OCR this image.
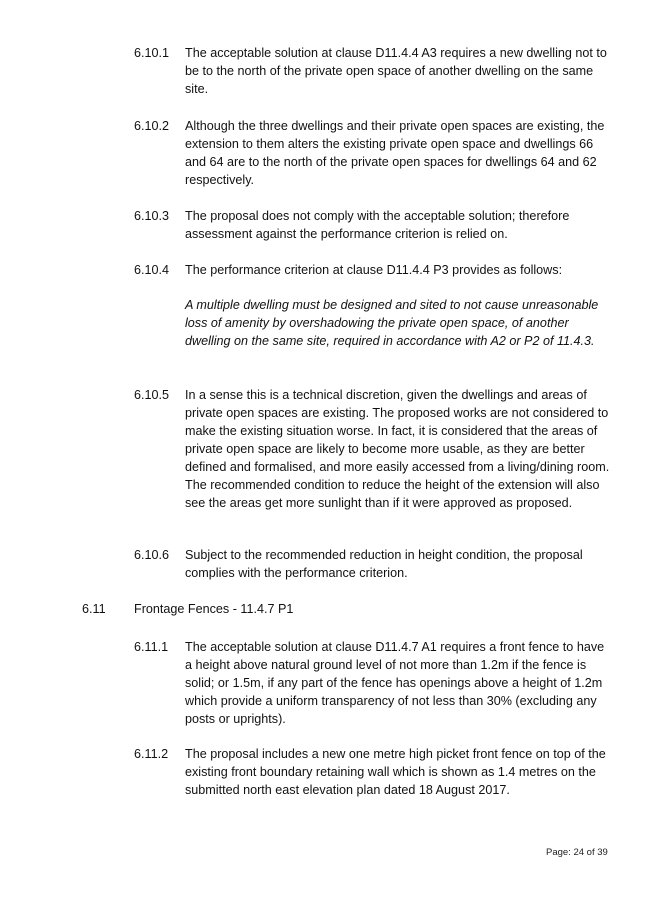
6.10.1 The acceptable solution at clause D11.4.4 A3 requires a new dwelling not to be to the north of the private open space of another dwelling on the same site.
6.10.2 Although the three dwellings and their private open spaces are existing, the extension to them alters the existing private open space and dwellings 66 and 64 are to the north of the private open spaces for dwellings 64 and 62 respectively.
6.10.3 The proposal does not comply with the acceptable solution; therefore assessment against the performance criterion is relied on.
6.10.4 The performance criterion at clause D11.4.4 P3 provides as follows:
A multiple dwelling must be designed and sited to not cause unreasonable loss of amenity by overshadowing the private open space, of another dwelling on the same site, required in accordance with A2 or P2 of 11.4.3.
6.10.5 In a sense this is a technical discretion, given the dwellings and areas of private open spaces are existing. The proposed works are not considered to make the existing situation worse. In fact, it is considered that the areas of private open space are likely to become more usable, as they are better defined and formalised, and more easily accessed from a living/dining room. The recommended condition to reduce the height of the extension will also see the areas get more sunlight than if it were approved as proposed.
6.10.6 Subject to the recommended reduction in height condition, the proposal complies with the performance criterion.
6.11 Frontage Fences - 11.4.7 P1
6.11.1 The acceptable solution at clause D11.4.7 A1 requires a front fence to have a height above natural ground level of not more than 1.2m if the fence is solid; or 1.5m, if any part of the fence has openings above a height of 1.2m which provide a uniform transparency of not less than 30% (excluding any posts or uprights).
6.11.2 The proposal includes a new one metre high picket front fence on top of the existing front boundary retaining wall which is shown as 1.4 metres on the submitted north east elevation plan dated 18 August 2017.
Page: 24 of 39
